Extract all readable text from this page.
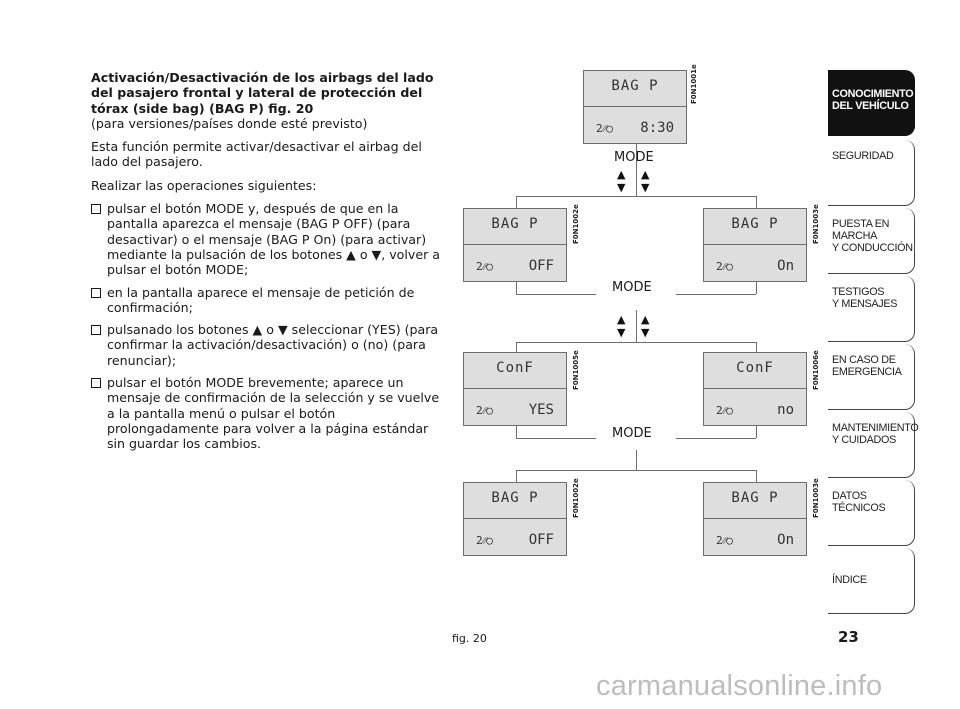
Activación/Desactivación de los airbags del lado del pasajero frontal y lateral de protección del tórax (side bag) (BAG P) fig. 20
(para versiones/países donde esté previsto)

Esta función permite activar/desactivar el airbag del lado del pasajero.

Realizar las operaciones siguientes:

pulsar el botón MODE y, después de que en la pantalla aparezca el mensaje (BAG P OFF) (para desactivar) o el mensaje (BAG P On) (para activar) mediante la pulsación de los botones ▲ o ▼, volver a pulsar el botón MODE;
en la pantalla aparece el mensaje de petición de confirmación;
pulsanado los botones ▲ o ▼ seleccionar (YES) (para confirmar la activación/desactivación) o (no) (para renunciar);
pulsar el botón MODE brevemente; aparece un mensaje de confirmación de la selección y se vuelve a la pantalla menú o pulsar el botón prolongadamente para volver a la página estándar sin guardar los cambios.
MODE
MODE
MODE
▲ ▲
▼ ▼
▲ ▲
▼ ▼
BAG P
2⁄⁄◯ 8:30
F0N1001e
BAG P
2⁄⁄◯	OFF
F0N1002e	BAG P
2⁄⁄◯	On
F0N1003e
ConF
2⁄⁄◯	YES
F0N1005e	ConF
2⁄⁄◯	no
F0N1006e
BAG P
2⁄⁄◯	OFF
F0N1002e	BAG P
2⁄⁄◯	On
F0N1003e
fig. 20
CONOCIMIENTO
DEL VEHÍCULO
SEGURIDAD
PUESTA EN
MARCHA
Y CONDUCCIÓN
TESTIGOS
Y MENSAJES
EN CASO DE
EMERGENCIA
MANTENIMIENTO
Y CUIDADOS
DATOS
TÉCNICOS
ÍNDICE
23
carmanualsonline.info
